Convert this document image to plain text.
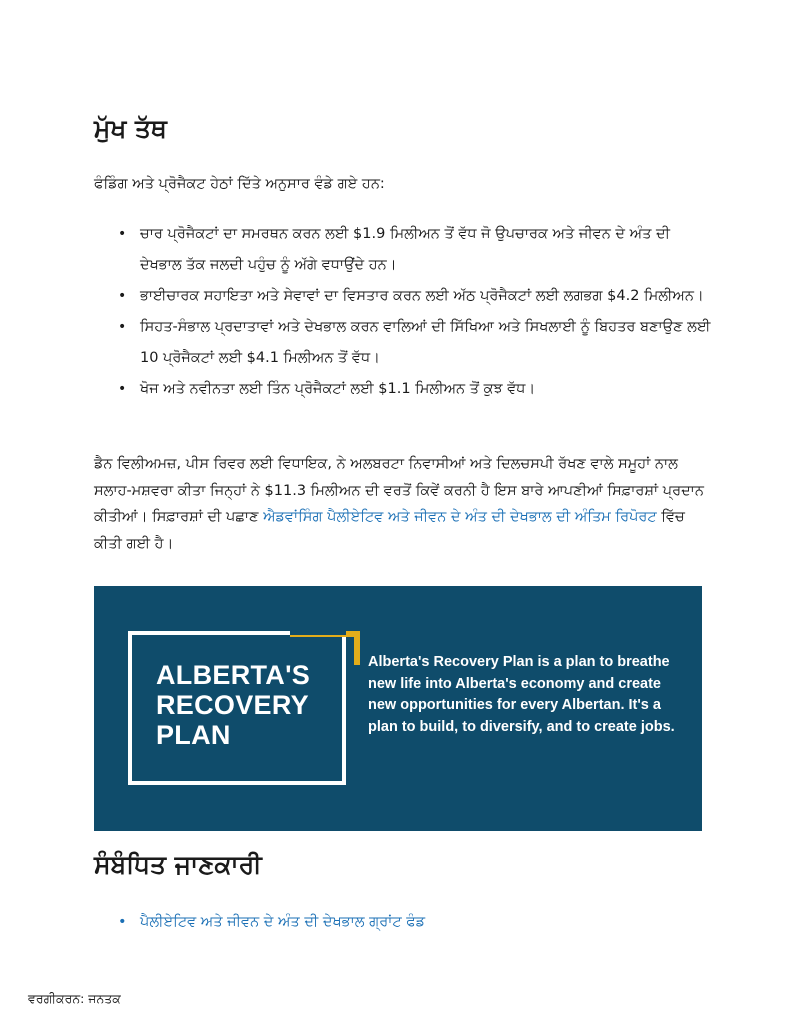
ਮੁੱਖ ਤੱਥ

ਫੰਡਿੰਗ ਅਤੇ ਪ੍ਰੋਜੈਕਟ ਹੇਠਾਂ ਦਿੱਤੇ ਅਨੁਸਾਰ ਵੰਡੇ ਗਏ ਹਨ:

• ਚਾਰ ਪ੍ਰੋਜੈਕਟਾਂ ਦਾ ਸਮਰਥਨ ਕਰਨ ਲਈ $1.9 ਮਿਲੀਅਨ ਤੋਂ ਵੱਧ ਜੋ ਉਪਚਾਰਕ ਅਤੇ ਜੀਵਨ ਦੇ ਅੰਤ ਦੀ ਦੇਖਭਾਲ ਤੱਕ ਜਲਦੀ ਪਹੁੰਚ ਨੂੰ ਅੱਗੇ ਵਧਾਉਂਦੇ ਹਨ।
• ਭਾਈਚਾਰਕ ਸਹਾਇਤਾ ਅਤੇ ਸੇਵਾਵਾਂ ਦਾ ਵਿਸਤਾਰ ਕਰਨ ਲਈ ਅੱਠ ਪ੍ਰੋਜੈਕਟਾਂ ਲਈ ਲਗਭਗ $4.2 ਮਿਲੀਅਨ।
• ਸਿਹਤ-ਸੰਭਾਲ ਪ੍ਰਦਾਤਾਵਾਂ ਅਤੇ ਦੇਖਭਾਲ ਕਰਨ ਵਾਲਿਆਂ ਦੀ ਸਿੱਖਿਆ ਅਤੇ ਸਿਖਲਾਈ ਨੂੰ ਬਿਹਤਰ ਬਣਾਉਣ ਲਈ 10 ਪ੍ਰੋਜੈਕਟਾਂ ਲਈ $4.1 ਮਿਲੀਅਨ ਤੋਂ ਵੱਧ।
• ਖੋਜ ਅਤੇ ਨਵੀਨਤਾ ਲਈ ਤਿੰਨ ਪ੍ਰੋਜੈਕਟਾਂ ਲਈ $1.1 ਮਿਲੀਅਨ ਤੋਂ ਕੁਝ ਵੱਧ।

ਡੈਨ ਵਿਲੀਅਮਜ਼, ਪੀਸ ਰਿਵਰ ਲਈ ਵਿਧਾਇਕ, ਨੇ ਅਲਬਰਟਾ ਨਿਵਾਸੀਆਂ ਅਤੇ ਦਿਲਚਸਪੀ ਰੱਖਣ ਵਾਲੇ ਸਮੂਹਾਂ ਨਾਲ ਸਲਾਹ-ਮਸ਼ਵਰਾ ਕੀਤਾ ਜਿਨ੍ਹਾਂ ਨੇ $11.3 ਮਿਲੀਅਨ ਦੀ ਵਰਤੋਂ ਕਿਵੇਂ ਕਰਨੀ ਹੈ ਇਸ ਬਾਰੇ ਆਪਣੀਆਂ ਸਿਫ਼ਾਰਸ਼ਾਂ ਪ੍ਰਦਾਨ ਕੀਤੀਆਂ। ਸਿਫ਼ਾਰਸ਼ਾਂ ਦੀ ਪਛਾਣ ਐਡਵਾਂਸਿੰਗ ਪੈਲੀਏਟਿਵ ਅਤੇ ਜੀਵਨ ਦੇ ਅੰਤ ਦੀ ਦੇਖਭਾਲ ਦੀ ਅੰਤਿਮ ਰਿਪੋਰਟ ਵਿੱਚ ਕੀਤੀ ਗਈ ਹੈ।

ALBERTA'S
RECOVERY
PLAN

Alberta's Recovery Plan is a plan to breathe new life into Alberta's economy and create new opportunities for every Albertan. It's a plan to build, to diversify, and to create jobs.

ਸੰਬੰਧਿਤ ਜਾਣਕਾਰੀ
• ਪੈਲੀਏਟਿਵ ਅਤੇ ਜੀਵਨ ਦੇ ਅੰਤ ਦੀ ਦੇਖਭਾਲ ਗ੍ਰਾਂਟ ਫੰਡ

ਵਰਗੀਕਰਨ: ਜਨਤਕ
